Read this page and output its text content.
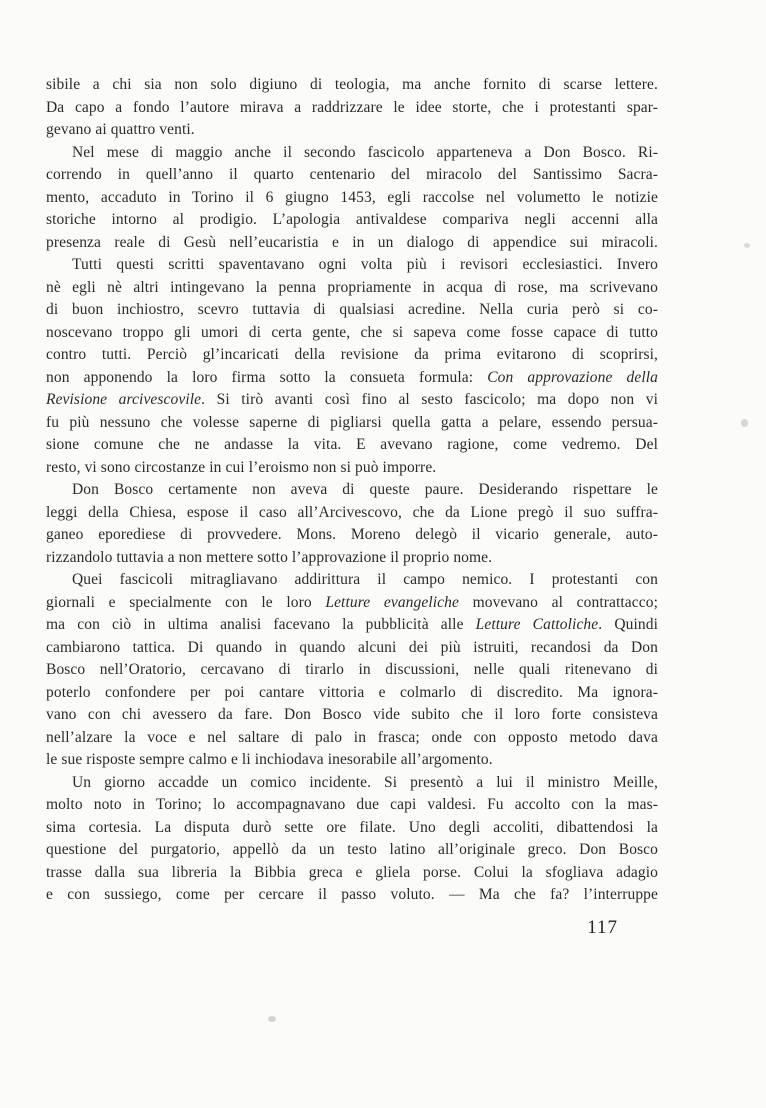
sibile a chi sia non solo digiuno di teologia, ma anche fornito di scarse lettere.
Da capo a fondo l’autore mirava a raddrizzare le idee storte, che i protestanti spar-
gevano ai quattro venti.

Nel mese di maggio anche il secondo fascicolo apparteneva a Don Bosco. Ri-
correndo in quell’anno il quarto centenario del miracolo del Santissimo Sacra-
mento, accaduto in Torino il 6 giugno 1453, egli raccolse nel volumetto le notizie
storiche intorno al prodigio. L’apologia antivaldese compariva negli accenni alla
presenza reale di Gesù nell’eucaristia e in un dialogo di appendice sui miracoli.

Tutti questi scritti spaventavano ogni volta più i revisori ecclesiastici. Invero
nè egli nè altri intingevano la penna propriamente in acqua di rose, ma scrivevano
di buon inchiostro, scevro tuttavia di qualsiasi acredine. Nella curia però si co-
noscevano troppo gli umori di certa gente, che si sapeva come fosse capace di tutto
contro tutti. Perciò gl’incaricati della revisione da prima evitarono di scoprirsi,
non apponendo la loro firma sotto la consueta formula: Con approvazione della
Revisione arcivescovile. Si tirò avanti così fino al sesto fascicolo; ma dopo non vi
fu più nessuno che volesse saperne di pigliarsi quella gatta a pelare, essendo persua-
sione comune che ne andasse la vita. E avevano ragione, come vedremo. Del
resto, vi sono circostanze in cui l’eroismo non si può imporre.

Don Bosco certamente non aveva di queste paure. Desiderando rispettare le
leggi della Chiesa, espose il caso all’Arcivescovo, che da Lione pregò il suo suffra-
ganeo eporediese di provvedere. Mons. Moreno delegò il vicario generale, auto-
rizzandolo tuttavia a non mettere sotto l’approvazione il proprio nome.

Quei fascicoli mitragliavano addirittura il campo nemico. I protestanti con
giornali e specialmente con le loro Letture evangeliche movevano al contrattacco;
ma con ciò in ultima analisi facevano la pubblicità alle Letture Cattoliche. Quindi
cambiarono tattica. Di quando in quando alcuni dei più istruiti, recandosi da Don
Bosco nell’Oratorio, cercavano di tirarlo in discussioni, nelle quali ritenevano di
poterlo confondere per poi cantare vittoria e colmarlo di discredito. Ma ignora-
vano con chi avessero da fare. Don Bosco vide subito che il loro forte consisteva
nell’alzare la voce e nel saltare di palo in frasca; onde con opposto metodo dava
le sue risposte sempre calmo e li inchiodava inesorabile all’argomento.

Un giorno accadde un comico incidente. Si presentò a lui il ministro Meille,
molto noto in Torino; lo accompagnavano due capi valdesi. Fu accolto con la mas-
sima cortesia. La disputa durò sette ore filate. Uno degli accoliti, dibattendosi la
questione del purgatorio, appellò da un testo latino all’originale greco. Don Bosco
trasse dalla sua libreria la Bibbia greca e gliela porse. Colui la sfogliava adagio
e con sussiego, come per cercare il passo voluto. — Ma che fa? l’interruppe

117
